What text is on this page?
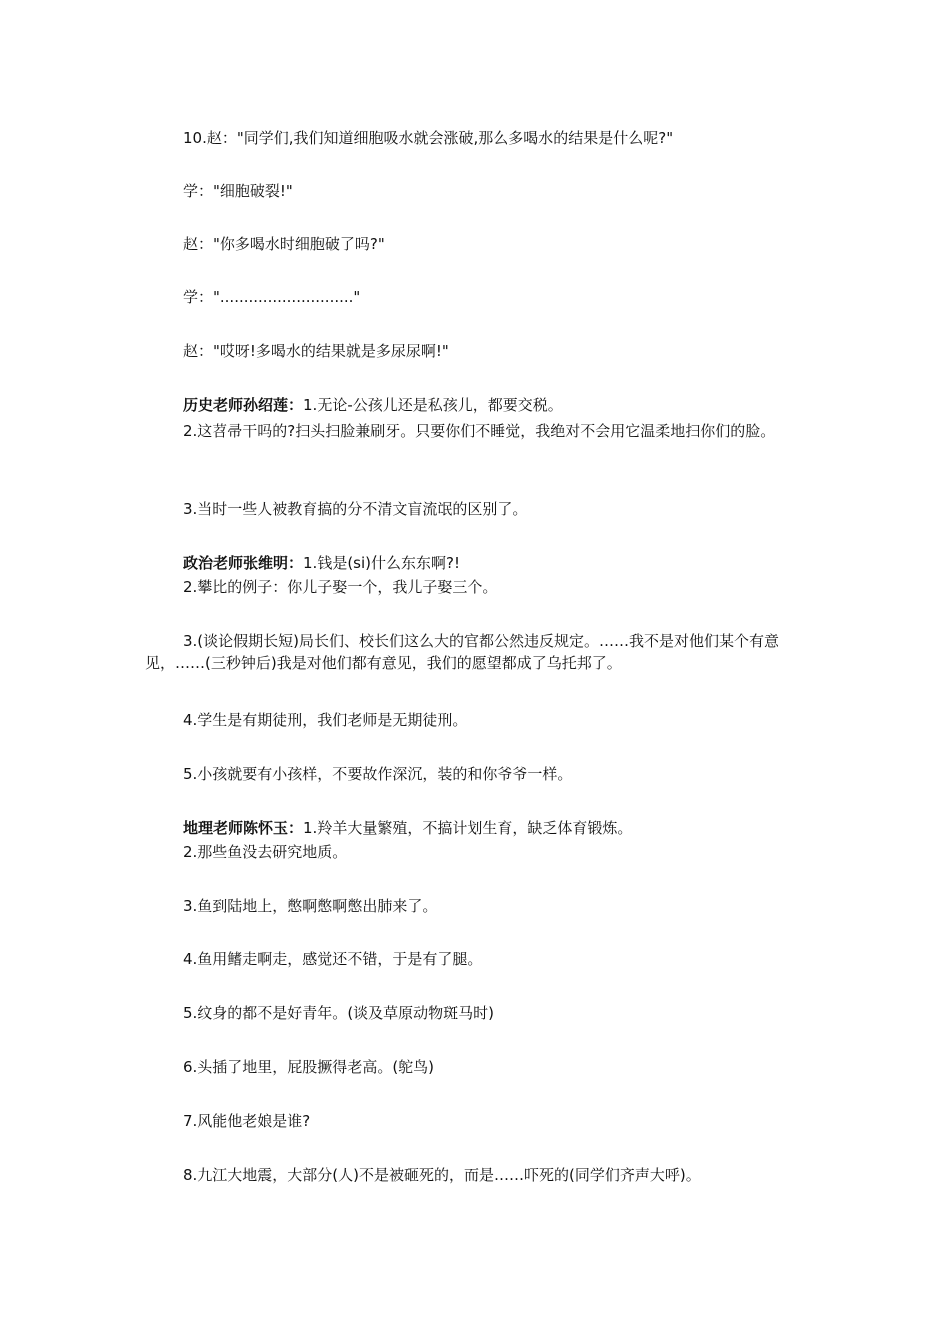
10.赵："同学们,我们知道细胞吸水就会涨破,那么多喝水的结果是什么呢?"
学："细胞破裂!"
赵："你多喝水时细胞破了吗?"
学："............................"
赵："哎呀!多喝水的结果就是多尿尿啊!"
历史老师孙绍莲：1.无论-公孩儿还是私孩儿，都要交税。
2.这苕帚干吗的?扫头扫脸兼刷牙。只要你们不睡觉，我绝对不会用它温柔地扫你们的脸。
3.当时一些人被教育搞的分不清文盲流氓的区别了。
政治老师张维明：1.钱是(si)什么东东啊?!
2.攀比的例子：你儿子娶一个，我儿子娶三个。
3.(谈论假期长短)局长们、校长们这么大的官都公然违反规定。……我不是对他们某个有意见，……(三秒钟后)我是对他们都有意见，我们的愿望都成了乌托邦了。
4.学生是有期徒刑，我们老师是无期徒刑。
5.小孩就要有小孩样，不要故作深沉，装的和你爷爷一样。
地理老师陈怀玉：1.羚羊大量繁殖，不搞计划生育，缺乏体育锻炼。
2.那些鱼没去研究地质。
3.鱼到陆地上，憋啊憋啊憋出肺来了。
4.鱼用鳍走啊走，感觉还不错，于是有了腿。
5.纹身的都不是好青年。(谈及草原动物斑马时)
6.头插了地里，屁股撅得老高。(鸵鸟)
7.风能他老娘是谁?
8.九江大地震，大部分(人)不是被砸死的，而是……吓死的(同学们齐声大呼)。
